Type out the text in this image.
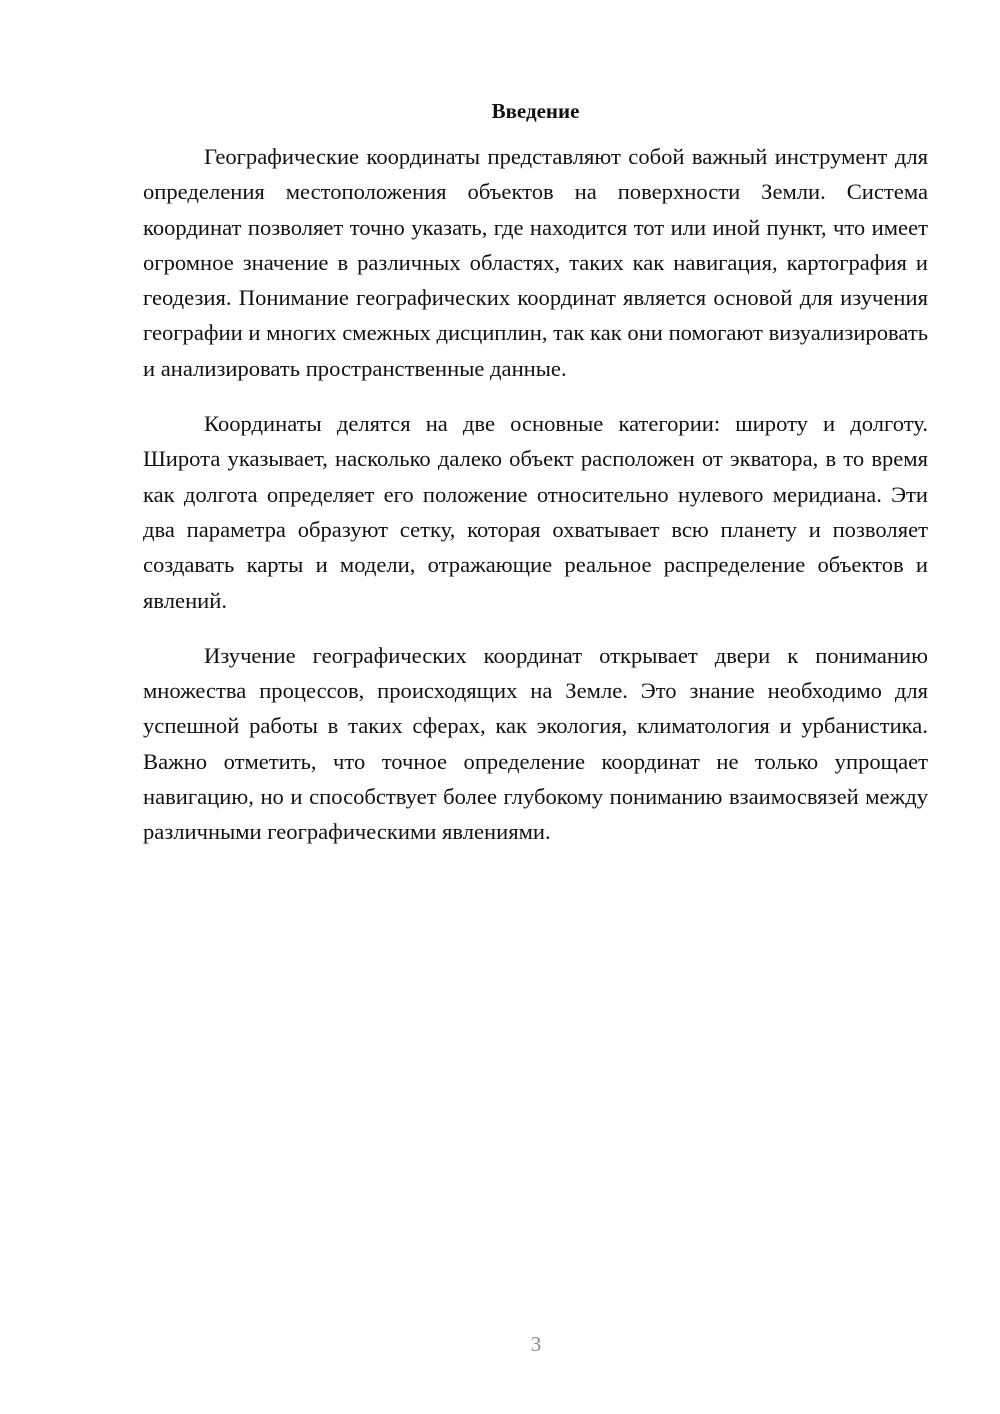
Введение

Географические координаты представляют собой важный инструмент для определения местоположения объектов на поверхности Земли. Система координат позволяет точно указать, где находится тот или иной пункт, что имеет огромное значение в различных областях, таких как навигация, картография и геодезия. Понимание географических координат является основой для изучения географии и многих смежных дисциплин, так как они помогают визуализировать и анализировать пространственные данные.

Координаты делятся на две основные категории: широту и долготу. Широта указывает, насколько далеко объект расположен от экватора, в то время как долгота определяет его положение относительно нулевого меридиана. Эти два параметра образуют сетку, которая охватывает всю планету и позволяет создавать карты и модели, отражающие реальное распределение объектов и явлений.

Изучение географических координат открывает двери к пониманию множества процессов, происходящих на Земле. Это знание необходимо для успешной работы в таких сферах, как экология, климатология и урбанистика. Важно отметить, что точное определение координат не только упрощает навигацию, но и способствует более глубокому пониманию взаимосвязей между различными географическими явлениями.

3
